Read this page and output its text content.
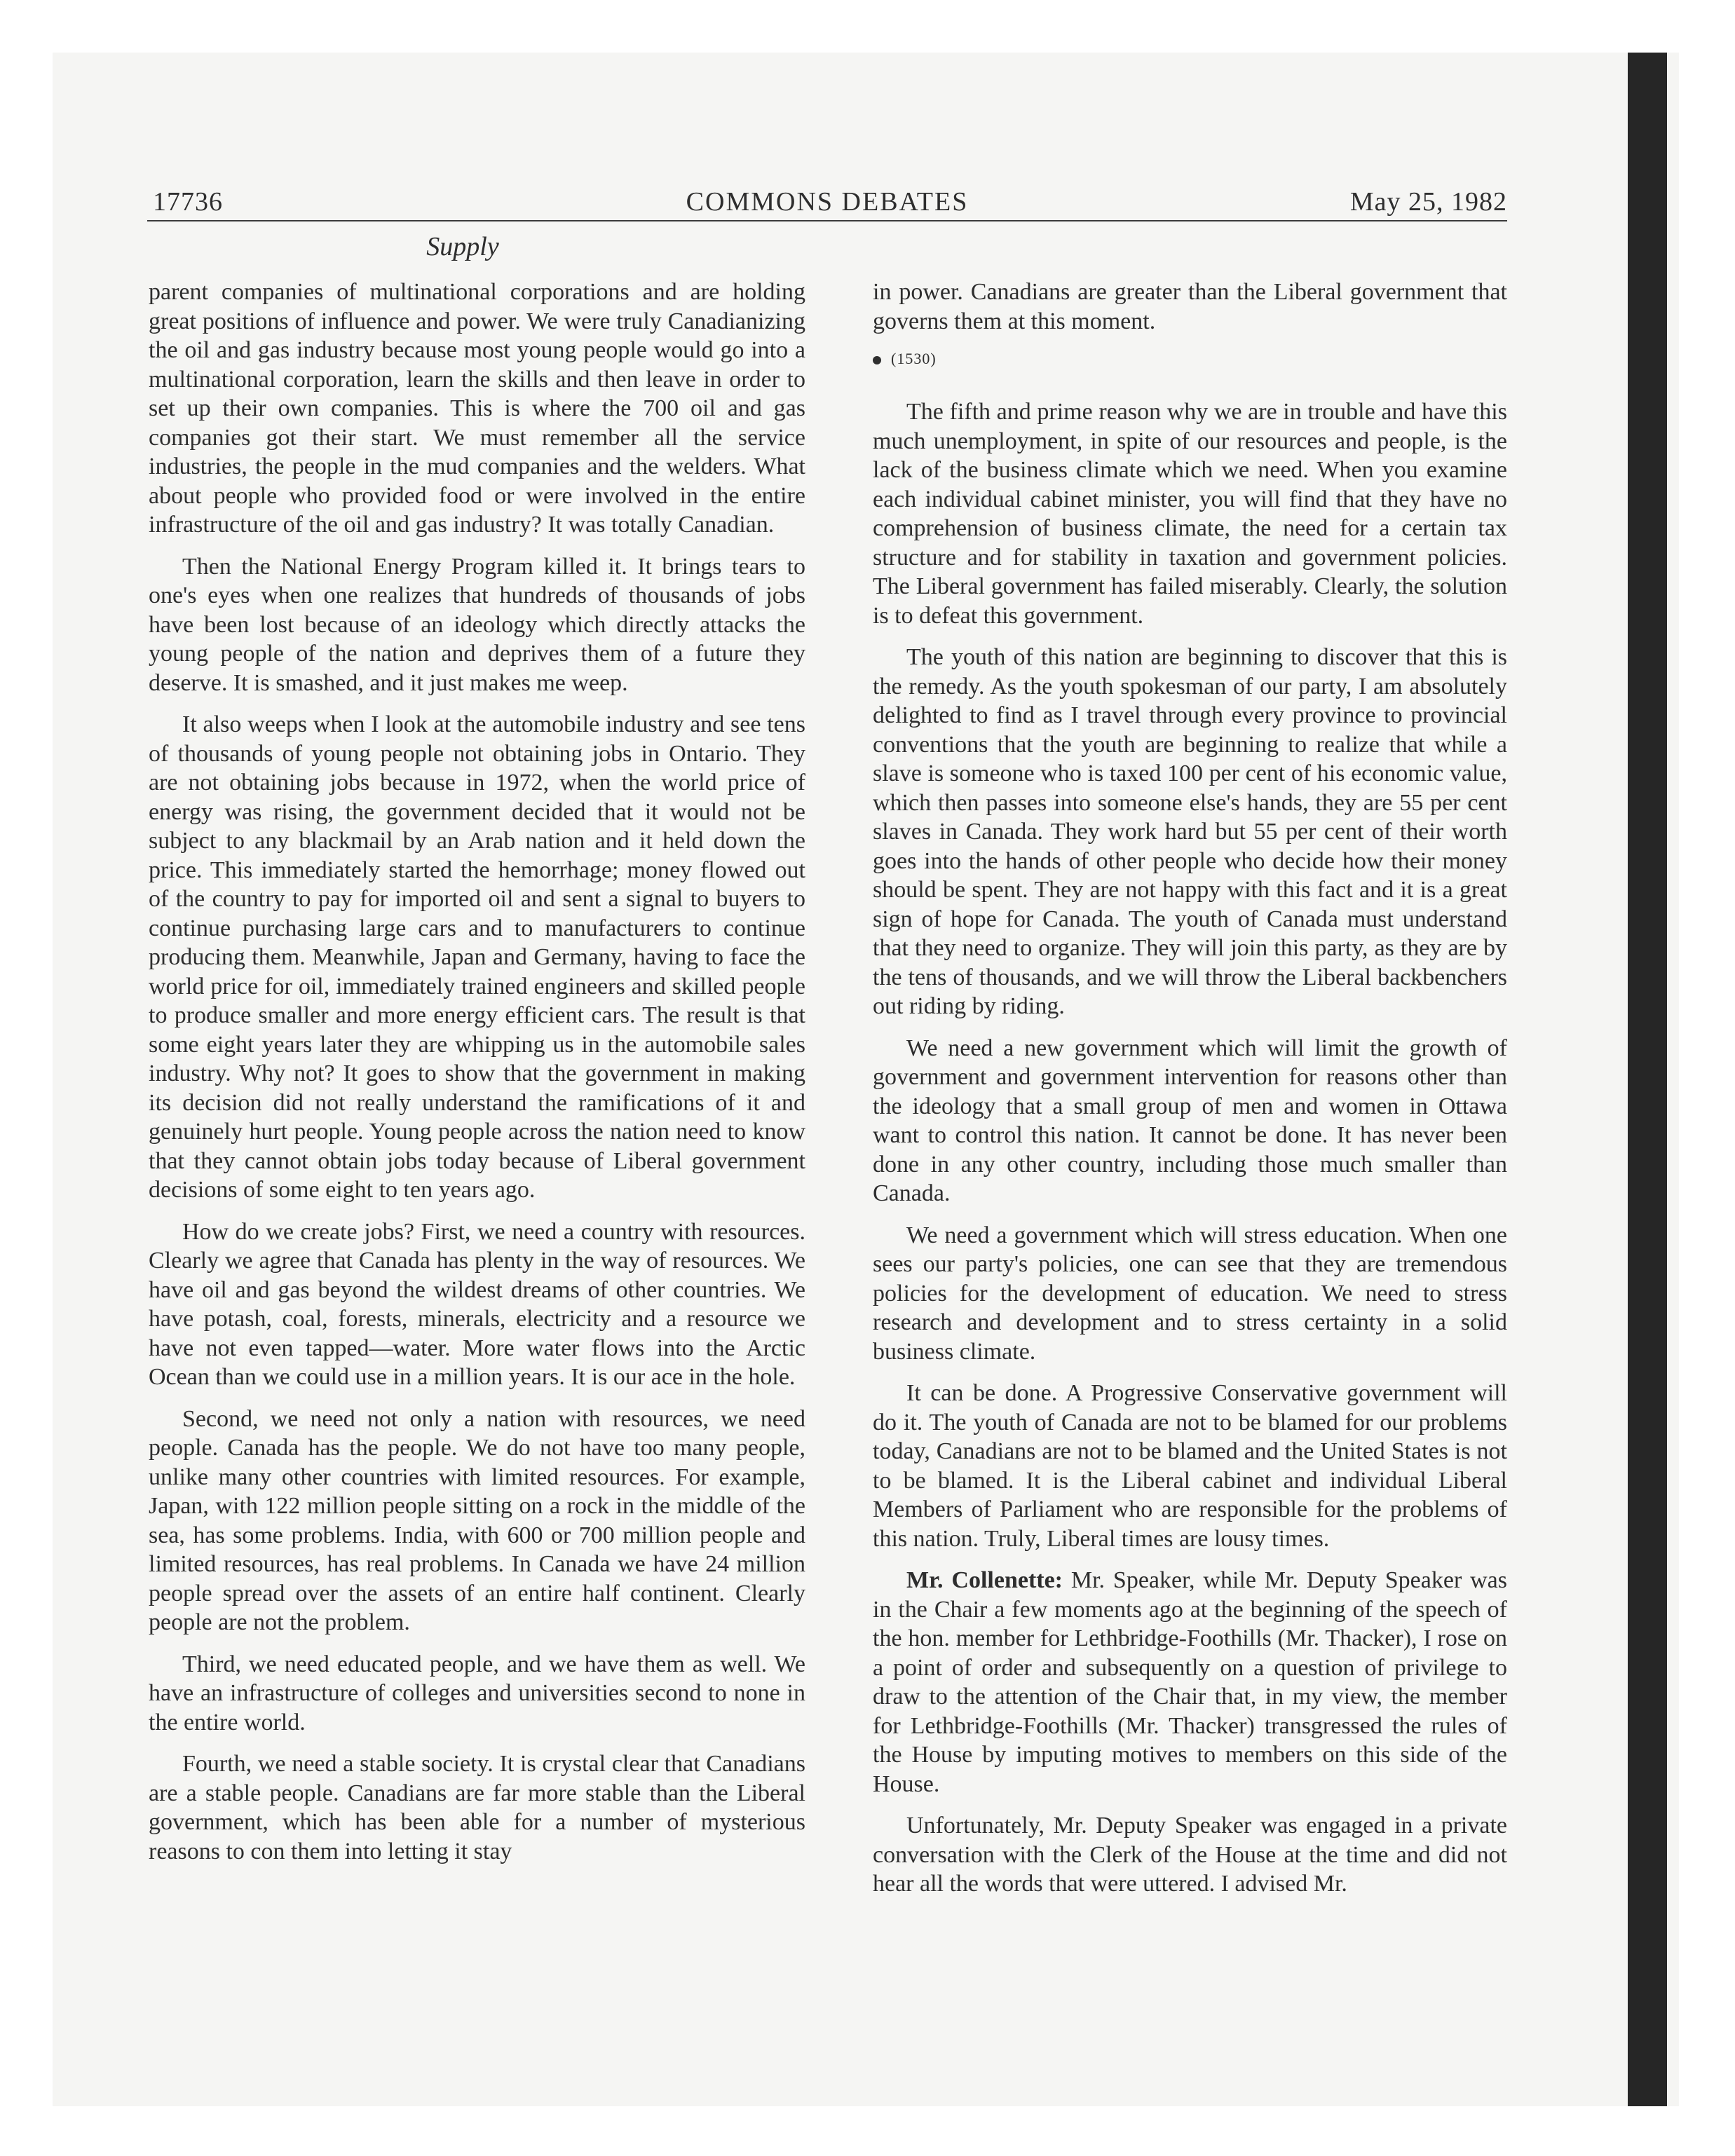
17736	COMMONS DEBATES	May 25, 1982
Supply

parent companies of multinational corporations and are holding great positions of influence and power. We were truly Canadianizing the oil and gas industry because most young people would go into a multinational corporation, learn the skills and then leave in order to set up their own companies. This is where the 700 oil and gas companies got their start. We must remember all the service industries, the people in the mud companies and the welders. What about people who provided food or were involved in the entire infrastructure of the oil and gas industry? It was totally Canadian.

Then the National Energy Program killed it. It brings tears to one's eyes when one realizes that hundreds of thousands of jobs have been lost because of an ideology which directly attacks the young people of the nation and deprives them of a future they deserve. It is smashed, and it just makes me weep.

It also weeps when I look at the automobile industry and see tens of thousands of young people not obtaining jobs in Ontario. They are not obtaining jobs because in 1972, when the world price of energy was rising, the government decided that it would not be subject to any blackmail by an Arab nation and it held down the price. This immediately started the hemorrhage; money flowed out of the country to pay for imported oil and sent a signal to buyers to continue purchasing large cars and to manufacturers to continue producing them. Meanwhile, Japan and Germany, having to face the world price for oil, immediately trained engineers and skilled people to produce smaller and more energy efficient cars. The result is that some eight years later they are whipping us in the automobile sales industry. Why not? It goes to show that the government in making its decision did not really understand the ramifications of it and genuinely hurt people. Young people across the nation need to know that they cannot obtain jobs today because of Liberal government decisions of some eight to ten years ago.

How do we create jobs? First, we need a country with resources. Clearly we agree that Canada has plenty in the way of resources. We have oil and gas beyond the wildest dreams of other countries. We have potash, coal, forests, minerals, electricity and a resource we have not even tapped—water. More water flows into the Arctic Ocean than we could use in a million years. It is our ace in the hole.

Second, we need not only a nation with resources, we need people. Canada has the people. We do not have too many people, unlike many other countries with limited resources. For example, Japan, with 122 million people sitting on a rock in the middle of the sea, has some problems. India, with 600 or 700 million people and limited resources, has real problems. In Canada we have 24 million people spread over the assets of an entire half continent. Clearly people are not the problem.

Third, we need educated people, and we have them as well. We have an infrastructure of colleges and universities second to none in the entire world.

Fourth, we need a stable society. It is crystal clear that Canadians are a stable people. Canadians are far more stable than the Liberal government, which has been able for a number of mysterious reasons to con them into letting it stay

in power. Canadians are greater than the Liberal government that governs them at this moment.

(1530)

The fifth and prime reason why we are in trouble and have this much unemployment, in spite of our resources and people, is the lack of the business climate which we need. When you examine each individual cabinet minister, you will find that they have no comprehension of business climate, the need for a certain tax structure and for stability in taxation and government policies. The Liberal government has failed miserably. Clearly, the solution is to defeat this government.

The youth of this nation are beginning to discover that this is the remedy. As the youth spokesman of our party, I am absolutely delighted to find as I travel through every province to provincial conventions that the youth are beginning to realize that while a slave is someone who is taxed 100 per cent of his economic value, which then passes into someone else's hands, they are 55 per cent slaves in Canada. They work hard but 55 per cent of their worth goes into the hands of other people who decide how their money should be spent. They are not happy with this fact and it is a great sign of hope for Canada. The youth of Canada must understand that they need to organize. They will join this party, as they are by the tens of thousands, and we will throw the Liberal backbenchers out riding by riding.

We need a new government which will limit the growth of government and government intervention for reasons other than the ideology that a small group of men and women in Ottawa want to control this nation. It cannot be done. It has never been done in any other country, including those much smaller than Canada.

We need a government which will stress education. When one sees our party's policies, one can see that they are tremendous policies for the development of education. We need to stress research and development and to stress certainty in a solid business climate.

It can be done. A Progressive Conservative government will do it. The youth of Canada are not to be blamed for our problems today, Canadians are not to be blamed and the United States is not to be blamed. It is the Liberal cabinet and individual Liberal Members of Parliament who are responsible for the problems of this nation. Truly, Liberal times are lousy times.

Mr. Collenette: Mr. Speaker, while Mr. Deputy Speaker was in the Chair a few moments ago at the beginning of the speech of the hon. member for Lethbridge-Foothills (Mr. Thacker), I rose on a point of order and subsequently on a question of privilege to draw to the attention of the Chair that, in my view, the member for Lethbridge-Foothills (Mr. Thacker) transgressed the rules of the House by imputing motives to members on this side of the House.

Unfortunately, Mr. Deputy Speaker was engaged in a private conversation with the Clerk of the House at the time and did not hear all the words that were uttered. I advised Mr.
